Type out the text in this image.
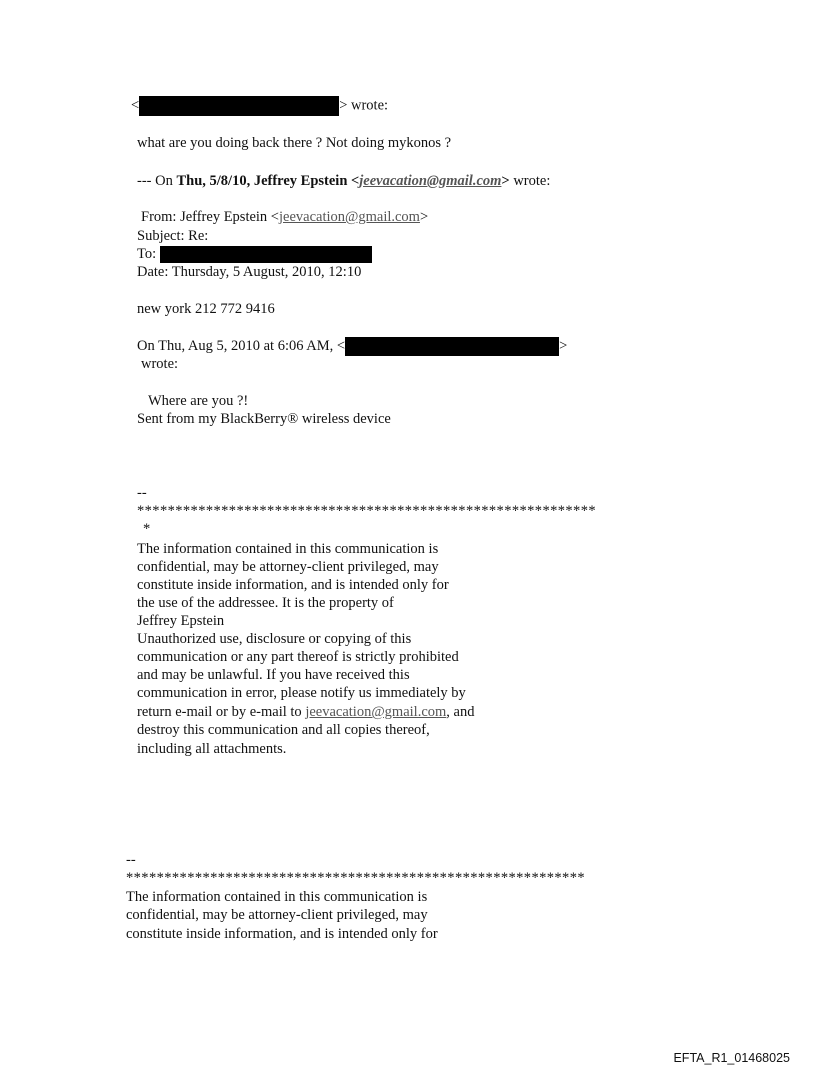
<	> wrote:
what are you doing back there ? Not doing mykonos ?
--- On Thu, 5/8/10, Jeffrey Epstein <jeevacation@gmail.com> wrote:
From: Jeffrey Epstein <jeevacation@gmail.com>
Subject: Re:
To:
Date: Thursday, 5 August, 2010, 12:10
new york 212 772 9416
On Thu, Aug 5, 2010 at 6:06 AM, <	>
wrote:
Where are you ?!
Sent from my BlackBerry® wireless device
--
************************************************************
*
The information contained in this communication is
confidential, may be attorney-client privileged, may
constitute inside information, and is intended only for
the use of the addressee. It is the property of
Jeffrey Epstein
Unauthorized use, disclosure or copying of this
communication or any part thereof is strictly prohibited
and may be unlawful. If you have received this
communication in error, please notify us immediately by
return e-mail or by e-mail to jeevacation@gmail.com, and
destroy this communication and all copies thereof,
including all attachments.
--
************************************************************
The information contained in this communication is
confidential, may be attorney-client privileged, may
constitute inside information, and is intended only for
EFTA_R1_01468025
